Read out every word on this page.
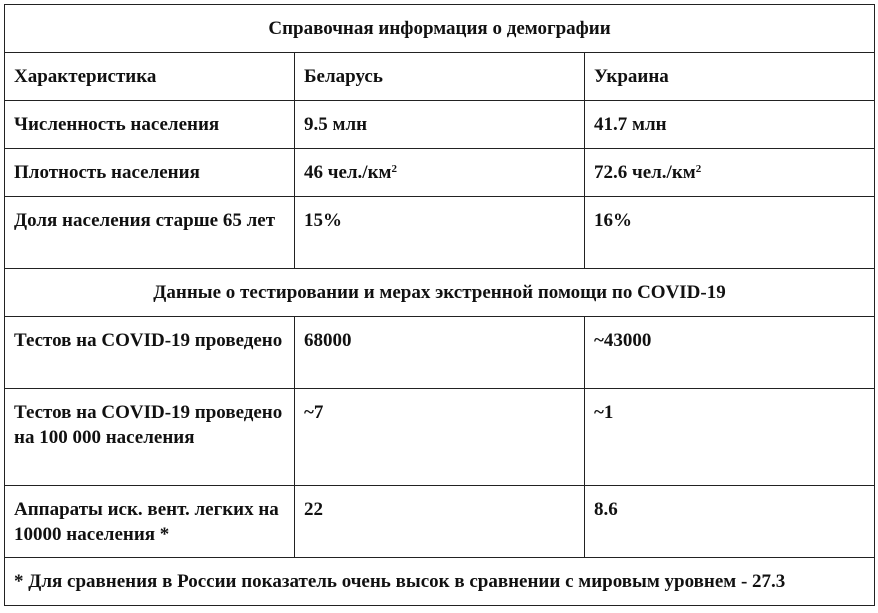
Справочная информация о демографии		
Характеристика	Беларусь	Украина
Численность населения	9.5 млн	41.7 млн
Плотность населения	46 $чел./км^2$	72.6 $чел./км^2$
Доля населения старше 65 лет	15%	16%
Данные о тестировании и мерах экстренной помощи по COVID-19		
Тестов на COVID-19 проведено	68000	~43000
Тестов на COVID-19 проведено на 100 000 населения	~7	~1
Аппараты иск. вент. легких на 10000 населения *	22	8.6
* Для сравнения в России показатель очень высок в сравнении с мировым уровнем - 27.3		
